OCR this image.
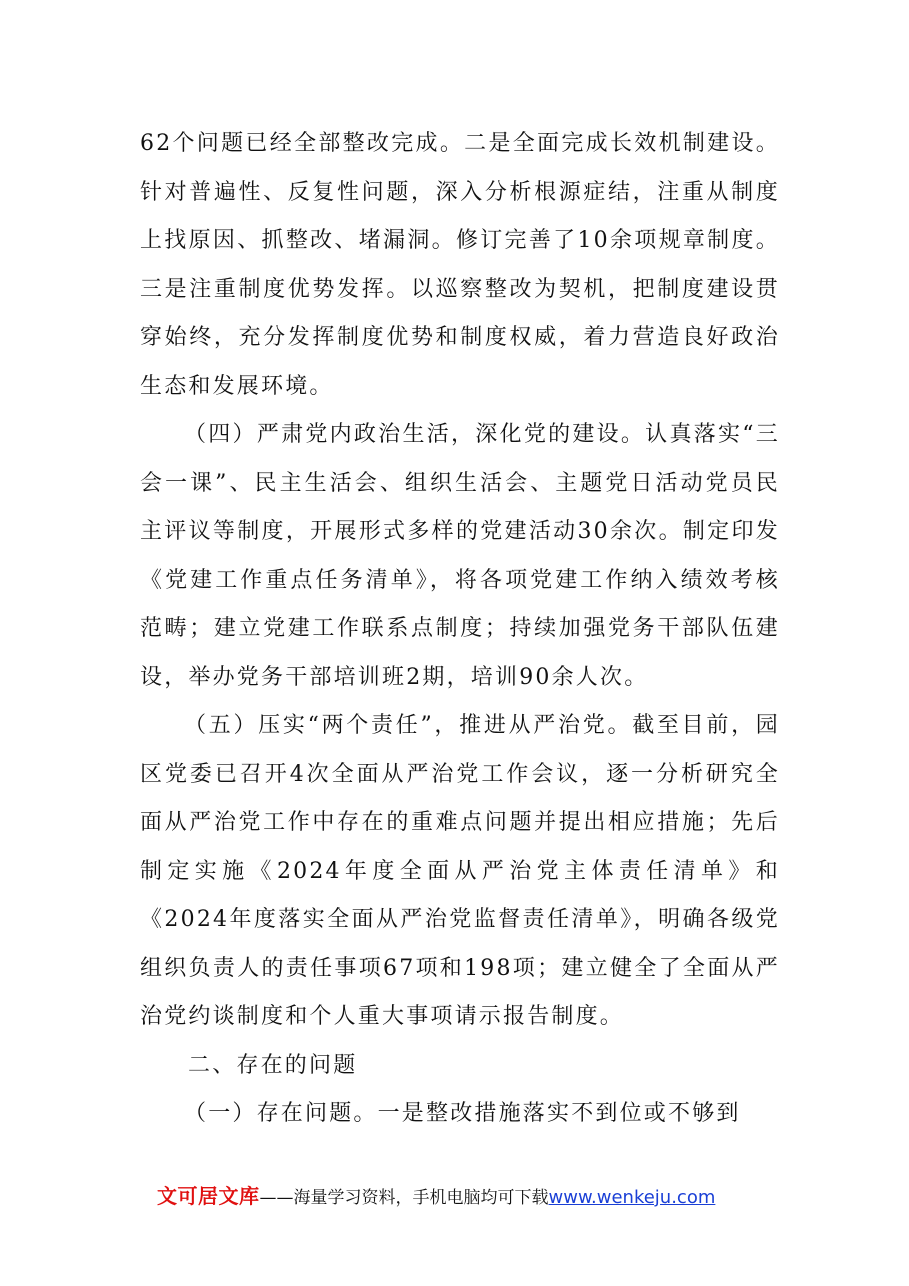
62个问题已经全部整改完成。二是全面完成长效机制建设。针对普遍性、反复性问题，深入分析根源症结，注重从制度上找原因、抓整改、堵漏洞。修订完善了10余项规章制度。三是注重制度优势发挥。以巡察整改为契机，把制度建设贯穿始终，充分发挥制度优势和制度权威，着力营造良好政治生态和发展环境。

（四）严肃党内政治生活，深化党的建设。认真落实“三会一课”、民主生活会、组织生活会、主题党日活动党员民主评议等制度，开展形式多样的党建活动30余次。制定印发《党建工作重点任务清单》，将各项党建工作纳入绩效考核范畴；建立党建工作联系点制度；持续加强党务干部队伍建设，举办党务干部培训班2期，培训90余人次。

（五）压实“两个责任”，推进从严治党。截至目前，园区党委已召开4次全面从严治党工作会议，逐一分析研究全面从严治党工作中存在的重难点问题并提出相应措施；先后制定实施《2024年度全面从严治党主体责任清单》和《2024年度落实全面从严治党监督责任清单》，明确各级党组织负责人的责任事项67项和198项；建立健全了全面从严治党约谈制度和个人重大事项请示报告制度。

二、存在的问题

（一）存在问题。一是整改措施落实不到位或不够到

文可居文库——海量学习资料，手机电脑均可下载www.wenkeju.com
